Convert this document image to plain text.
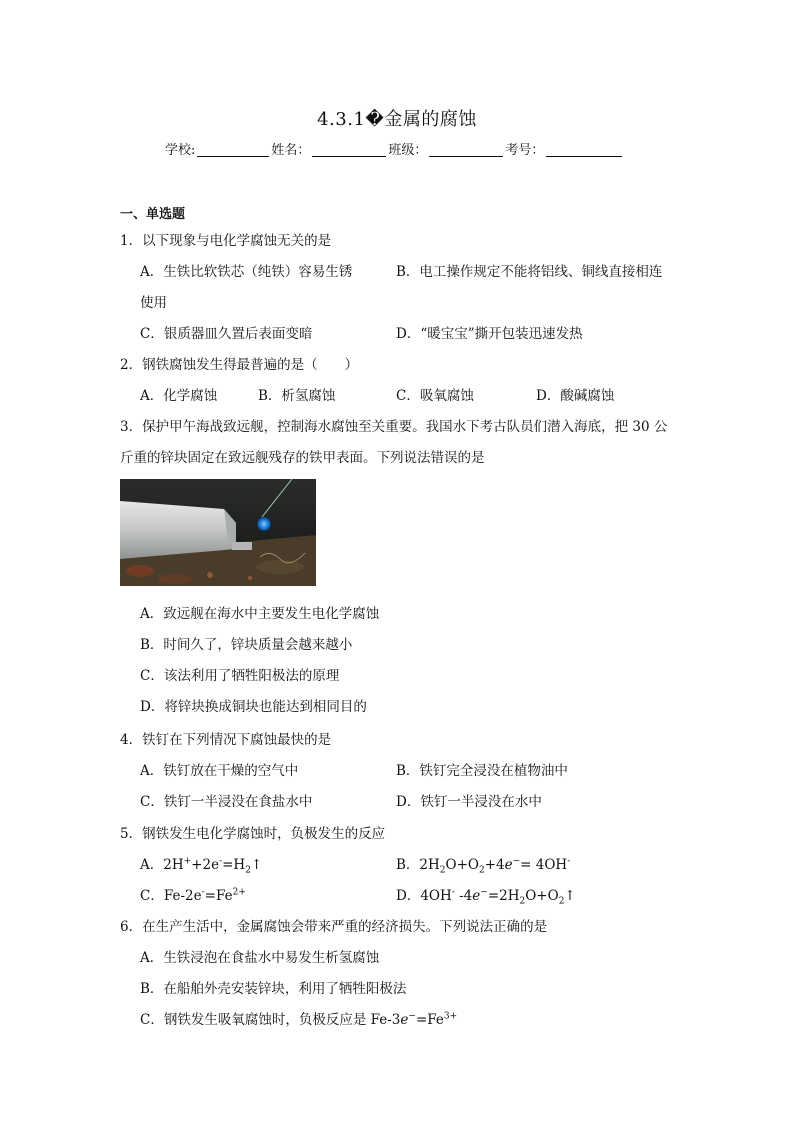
4.3.1�金属的腐蚀
学校:	姓名：	班级：	考号：
一、单选题
1．以下现象与电化学腐蚀无关的是
A．生铁比软铁芯（纯铁）容易生锈	B．电工操作规定不能将铝线、铜线直接相连
使用
C．银质器皿久置后表面变暗	D．“暖宝宝”撕开包装迅速发热
2．钢铁腐蚀发生得最普遍的是（　　）
A．化学腐蚀	B．析氢腐蚀	C．吸氧腐蚀	D．酸碱腐蚀
3．保护甲午海战致远舰，控制海水腐蚀至关重要。我国水下考古队员们潜入海底，把 30 公
斤重的锌块固定在致远舰残存的铁甲表面。下列说法错误的是
A．致远舰在海水中主要发生电化学腐蚀
B．时间久了，锌块质量会越来越小
C．该法利用了牺牲阳极法的原理
D．将锌块换成铜块也能达到相同目的
4．铁钉在下列情况下腐蚀最快的是
A．铁钉放在干燥的空气中	B．铁钉完全浸没在植物油中
C．铁钉一半浸没在食盐水中	D．铁钉一半浸没在水中
5．钢铁发生电化学腐蚀时，负极发生的反应
A．$2H^++2e^-=H_2↑$	B．$2H_2O+O_2+4e^-= 4OH^-$
C．$Fe-2e^-=Fe^{2+}$	D．4OH- $-4e^-=2H_2O+O_2↑$
6．在生产生活中，金属腐蚀会带来严重的经济损失。下列说法正确的是
A．生铁浸泡在食盐水中易发生析氢腐蚀
B．在船舶外壳安装锌块，利用了牺牲阳极法
C．钢铁发生吸氧腐蚀时，负极反应是 $Fe-3e^-=Fe^{3+}$
